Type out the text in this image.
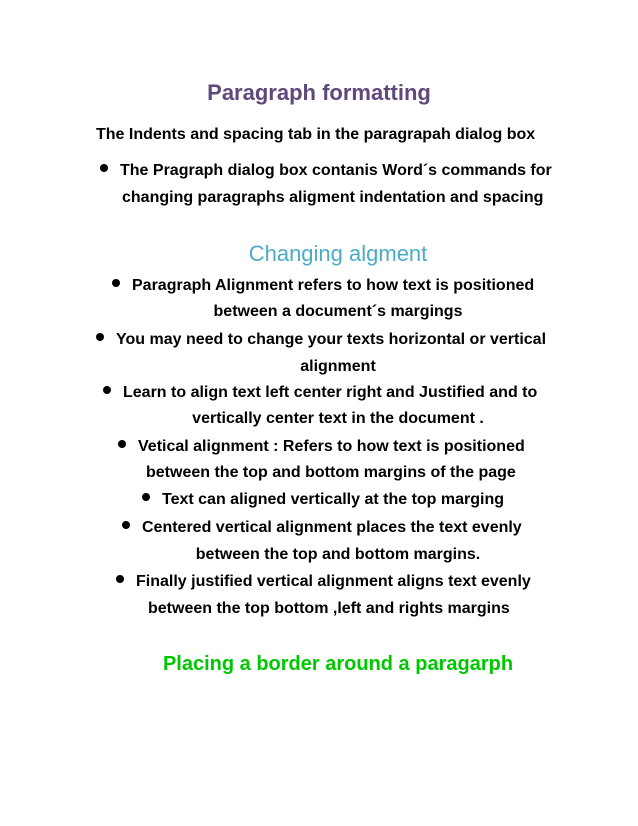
Paragraph formatting
The Indents and spacing tab in the paragrapah dialog box
The Pragraph dialog box contanis Word´s commands for
changing paragraphs aligment indentation and spacing
Changing algment
Paragraph Alignment refers to how text is positioned
between a document´s margings
You may need to change your texts horizontal or vertical
alignment
Learn to align text left center right and Justified and to
vertically center text in the document .
Vetical alignment : Refers to how text is positioned
between the top and bottom margins of the page
Text can aligned vertically at the top marging
Centered vertical alignment places the text evenly
between the top and bottom margins.
Finally justified vertical alignment aligns text evenly
between the top bottom ,left and rights margins
Placing a border around a paragarph
